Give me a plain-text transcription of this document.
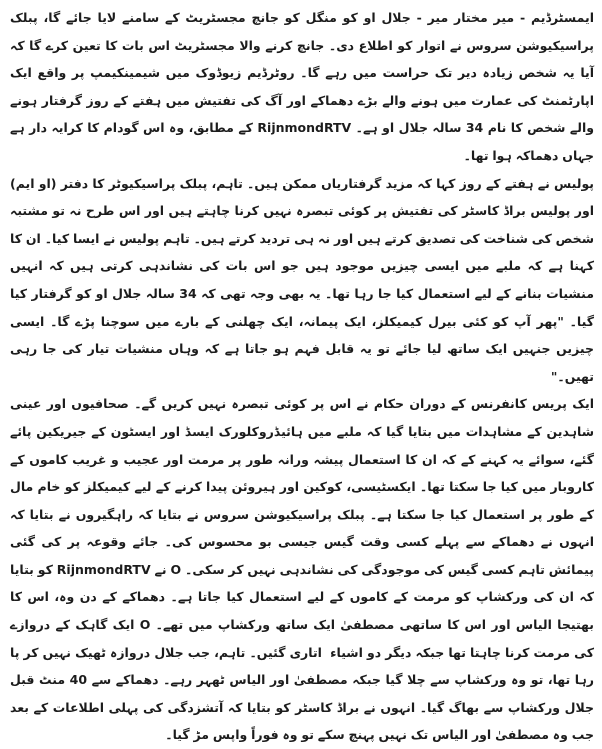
ایمسٹرڈیم - میر مختار میر - جلال او کو منگل کو جانچ مجسٹریٹ کے سامنے لایا جائے گا، پبلک پراسیکیوشن سروس نے اتوار کو اطلاع دی۔ جانچ کرنے والا مجسٹریٹ اس بات کا تعین کرے گا کہ آیا یہ شخص زیادہ دیر تک حراست میں رہے گا۔ روٹرڈیم زیوڈوک میں شیمینکیمپ پر واقع ایک اپارٹمنٹ کی عمارت میں ہونے والے بڑے دھماکے اور آگ کی تفتیش میں ہفتے کے روز گرفتار ہونے والے شخص کا نام 34 سالہ جلال او ہے۔ RijnmondRTV کے مطابق، وہ اس گودام کا کرایہ دار ہے جہاں دھماکہ ہوا تھا۔

پولیس نے ہفتے کے روز کہا کہ مزید گرفتاریاں ممکن ہیں۔ تاہم، پبلک پراسیکیوٹر کا دفتر (او ایم) اور پولیس براڈ کاسٹر کی تفتیش پر کوئی تبصرہ نہیں کرنا چاہتے ہیں اور اس طرح نہ تو مشتبہ شخص کی شناخت کی تصدیق کرتے ہیں اور نہ ہی تردید کرتے ہیں۔ تاہم پولیس نے ایسا کیا۔ ان کا کہنا ہے کہ ملبے میں ایسی چیزیں موجود ہیں جو اس بات کی نشاندہی کرتی ہیں کہ انہیں منشیات بنانے کے لیے استعمال کیا جا رہا تھا۔ یہ بھی وجہ تھی کہ 34 سالہ جلال او کو گرفتار کیا گیا۔ "پھر آپ کو کئی بیرل کیمیکلز، ایک پیمانہ، ایک چھلنی کے بارے میں سوچنا پڑے گا۔ ایسی چیزیں جنہیں ایک ساتھ لیا جائے تو یہ قابل فہم ہو جاتا ہے کہ وہاں منشیات تیار کی جا رہی تھیں۔"

ایک پریس کانفرنس کے دوران حکام نے اس پر کوئی تبصرہ نہیں کریں گے۔ صحافیوں اور عینی شاہدین کے مشاہدات میں بتایا گیا کہ ملبے میں ہائیڈروکلورک ایسڈ اور ایسٹون کے جیریکین پائے گئے، سوائے یہ کہنے کے کہ ان کا استعمال پیشہ ورانہ طور پر مرمت اور عجیب و غریب کاموں کے کاروبار میں کیا جا سکتا تھا۔ ایکسٹیسی، کوکین اور ہیروئن پیدا کرنے کے لیے کیمیکلز کو خام مال کے طور پر استعمال کیا جا سکتا ہے۔ پبلک پراسیکیوشن سروس نے بتایا کہ راہگیروں نے بتایا کہ انہوں نے دھماکے سے پہلے کسی وقت گیس جیسی بو محسوس کی۔ جائے وقوعہ پر کی گئی پیمائش تاہم کسی گیس کی موجودگی کی نشاندہی نہیں کر سکی۔ O نے RijnmondRTV کو بتایا کہ ان کی ورکشاپ کو مرمت کے کاموں کے لیے استعمال کیا جاتا ہے۔ دھماکے کے دن وہ، اس کا بھتیجا الیاس اور اس کا ساتھی مصطفیٰ ایک ساتھ ورکشاپ میں تھے۔ O ایک گاہک کے دروازے کی مرمت کرنا چاہتا تھا جبکہ دیگر دو اشیاء ￼ اتاری گئیں۔ تاہم، جب جلال دروازہ ٹھیک نہیں کر پا رہا تھا، تو وہ ورکشاپ سے چلا گیا جبکہ مصطفیٰ اور الیاس ٹھہر رہے۔ دھماکے سے 40 منٹ قبل جلال ورکشاپ سے بھاگ گیا۔ انہوں نے براڈ کاسٹر کو بتایا کہ آتشزدگی کی پہلی اطلاعات کے بعد جب وہ مصطفیٰ اور الیاس تک نہیں پہنچ سکے تو وہ فوراً واپس مڑ گیا۔
